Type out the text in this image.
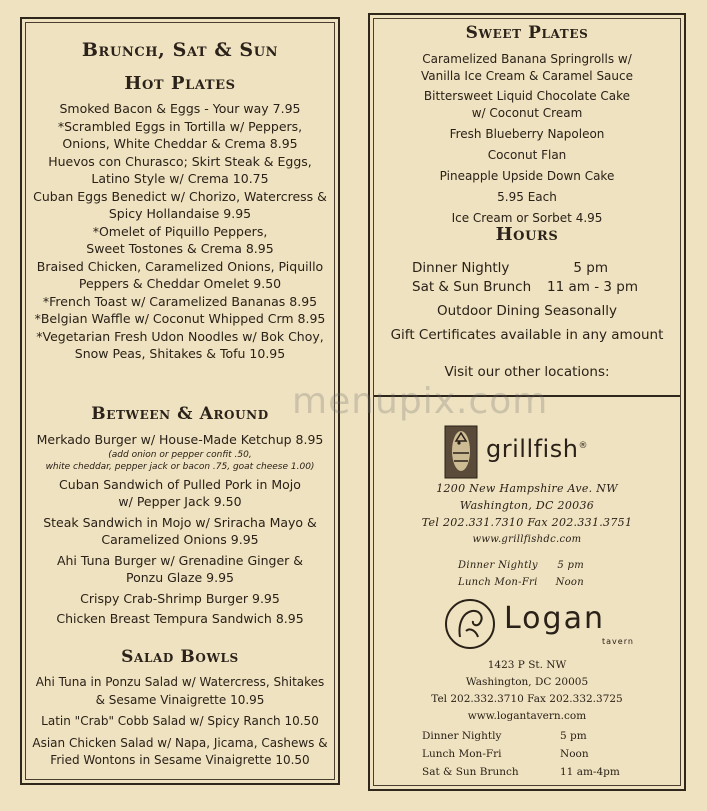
Brunch, Sat & Sun
Hot Plates
Smoked Bacon & Eggs - Your way 7.95
*Scrambled Eggs in Tortilla w/ Peppers,
Onions, White Cheddar & Crema 8.95
Huevos con Churasco; Skirt Steak & Eggs,
Latino Style w/ Crema 10.75
Cuban Eggs Benedict w/ Chorizo, Watercress &
Spicy Hollandaise 9.95
*Omelet of Piquillo Peppers,
Sweet Tostones & Crema 8.95
Braised Chicken, Caramelized Onions, Piquillo
Peppers & Cheddar Omelet 9.50
*French Toast w/ Caramelized Bananas 8.95
*Belgian Waffle w/ Coconut Whipped Crm 8.95
*Vegetarian Fresh Udon Noodles w/ Bok Choy,
Snow Peas, Shitakes & Tofu 10.95
Between & Around
Merkado Burger w/ House-Made Ketchup 8.95
(add onion or pepper confit .50,
white cheddar, pepper jack or bacon .75, goat cheese 1.00)
Cuban Sandwich of Pulled Pork in Mojo
w/ Pepper Jack 9.50
Steak Sandwich in Mojo w/ Sriracha Mayo &
Caramelized Onions 9.95
Ahi Tuna Burger w/ Grenadine Ginger &
Ponzu Glaze 9.95
Crispy Crab-Shrimp Burger 9.95
Chicken Breast Tempura Sandwich 8.95
Salad Bowls
Ahi Tuna in Ponzu Salad w/ Watercress, Shitakes
& Sesame Vinaigrette 10.95
Latin "Crab" Cobb Salad w/ Spicy Ranch 10.50
Asian Chicken Salad w/ Napa, Jicama, Cashews &
Fried Wontons in Sesame Vinaigrette 10.50
Sweet Plates
Caramelized Banana Springrolls w/
Vanilla Ice Cream & Caramel Sauce
Bittersweet Liquid Chocolate Cake
w/ Coconut Cream
Fresh Blueberry Napoleon
Coconut Flan
Pineapple Upside Down Cake
5.95 Each
Ice Cream or Sorbet 4.95
Hours
Dinner Nightly	5 pm
Sat & Sun Brunch 11 am - 3 pm
Outdoor Dining Seasonally
Gift Certificates available in any amount
Visit our other locations:
grillfish®
1200 New Hampshire Ave. NW
Washington, DC 20036
Tel 202.331.7310 Fax 202.331.3751
www.grillfishdc.com
Dinner Nightly 5 pm
Lunch Mon-Fri Noon
Logan
tavern
1423 P St. NW
Washington, DC 20005
Tel 202.332.3710 Fax 202.332.3725
www.logantavern.com
Dinner Nightly	5 pm
Lunch Mon-Fri	Noon
Sat & Sun Brunch	11 am-4pm
menupix.com
